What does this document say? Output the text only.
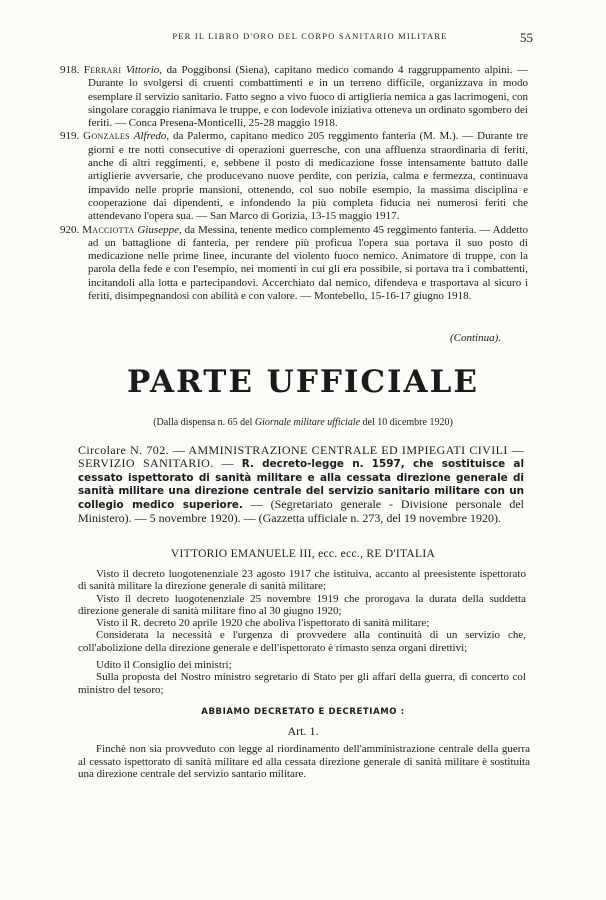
PER IL LIBRO D'ORO DEL CORPO SANITARIO MILITARE	55

918. Ferrari Vittorio, da Poggibonsi (Siena), capitano medico comando 4 raggruppamento alpini. — Durante lo svolgersi di cruenti combattimenti e in un terreno difficile, organizzava in modo esemplare il servizio sanitario. Fatto segno a vivo fuoco di artiglieria nemica a gas lacrimogeni, con singolare coraggio rianimava le truppe, e con lodevole iniziativa otteneva un ordinato sgombero dei feriti. — Conca Presena-Monticelli, 25-28 maggio 1918.

919. Gonzales Alfredo, da Palermo, capitano medico 205 reggimento fanteria (M. M.). — Durante tre giorni e tre notti consecutive di operazioni guerresche, con una affluenza straordinaria di feriti, anche di altri reggimenti, e, sebbene il posto di medicazione fosse intensamente battuto dalle artiglierie avversarie, che producevano nuove perdite, con perizia, calma e fermezza, continuava impavido nelle proprie mansioni, ottenendo, col suo nobile esempio, la massima disciplina e cooperazione dai dipendenti, e infondendo la più completa fiducia nei numerosi feriti che attendevano l'opera sua. — San Marco di Gorizia, 13-15 maggio 1917.

920. Macciotta Giuseppe, da Messina, tenente medico complemento 45 reggimento fanteria. — Addetto ad un battaglione di fanteria, per rendere più proficua l'opera sua portava il suo posto di medicazione nelle prime linee, incurante del violento fuoco nemico. Animatore di truppe, con la parola della fede e con l'esempio, nei momenti in cui gli era possibile, si portava tra i combattenti, incitandoli alla lotta e partecipandovi. Accerchiato dal nemico, difendeva e trasportava al sicuro i feriti, disimpegnandosi con abilità e con valore. — Montebello, 15-16-17 giugno 1918.

(Continua).
PARTE UFFICIALE
(Dalla dispensa n. 65 del Giornale militare ufficiale del 10 dicembre 1920)
Circolare N. 702. — AMMINISTRAZIONE CENTRALE ED IMPIEGATI CIVILI — SERVIZIO SANITARIO. — R. decreto-legge n. 1597, che sostituisce al cessato ispettorato di sanità militare e alla cessata direzione generale di sanità militare una direzione centrale del servizio sanitario militare con un collegio medico superiore. — (Segretariato generale - Divisione personale del Ministero). — 5 novembre 1920). — (Gazzetta ufficiale n. 273, del 19 novembre 1920).
VITTORIO EMANUELE III, ecc. ecc., RE D'ITALIA

Visto il decreto luogotenenziale 23 agosto 1917 che istituiva, accanto al preesistente ispettorato di sanità militare la direzione generale di sanità militare;

Visto il decreto luogotenenziale 25 novembre 1919 che prorogava la durata della suddetta direzione generale di sanità militare fino al 30 giugno 1920;

Visto il R. decreto 20 aprile 1920 che aboliva l'ispettorato di sanità militare;

Considerata la necessità e l'urgenza di provvedere alla continuità di un servizio che, coll'abolizione della direzione generale e dell'ispettorato è rimasto senza organi direttivi;

Udito il Consiglio dei ministri;

Sulla proposta del Nostro ministro segretario di Stato per gli affari della guerra, di concerto col ministro del tesoro;

ABBIAMO DECRETATO E DECRETIAMO :
Art. 1.

Finchè non sia provveduto con legge al riordinamento dell'amministrazione centrale della guerra al cessato ispettorato di sanità militare ed alla cessata direzione generale di sanità militare è sostituita una direzione centrale del servizio santario militare.
